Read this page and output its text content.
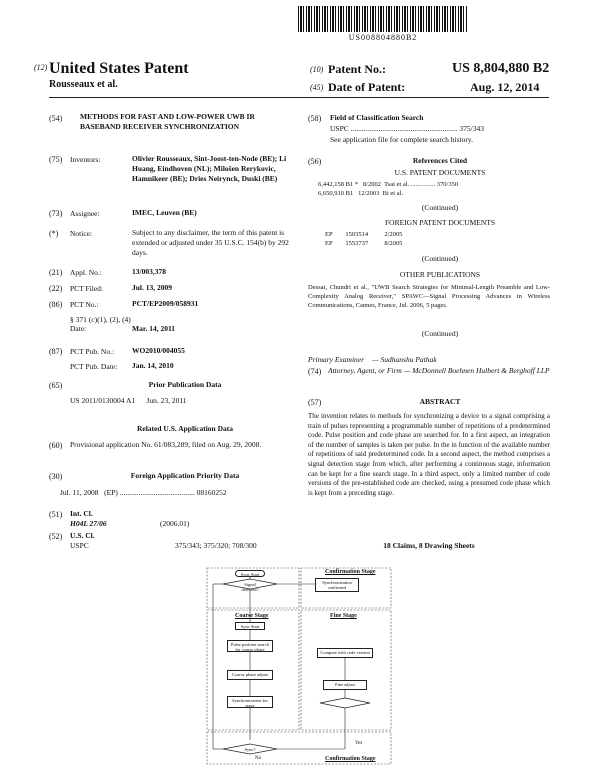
US008804880B2
(12) United States Patent
Rousseaux et al.
(10) Patent No.:	US 8,804,880 B2
(45) Date of Patent:	Aug. 12, 2014
(54) METHODS FOR FAST AND LOW-POWER UWB IR BASEBAND RECEIVER SYNCHRONIZATION
(75) Inventors:	Olivier Rousseaux, Sint-Joost-ten-Node (BE); Li Huang, Eindhoven (NL); Milošen Rerykovic, Hamnikeer (BE); Dries Neirynck, Duski (BE)
(73) Assignee:	IMEC, Leuven (BE)
(*) Notice:	Subject to any disclaimer, the term of this patent is extended or adjusted under 35 U.S.C. 154(b) by 292 days.
(21) Appl. No.:	13/003,378
(22) PCT Filed:	Jul. 13, 2009
(86) PCT No.:	PCT/EP2009/058931
§ 371 (c)(1), (2), (4) Date:	Mar. 14, 2011
(87) PCT Pub. No.: WO2010/004055
PCT Pub. Date: Jan. 14, 2010
(65)	Prior Publication Data
US 2011/0130004 A1      Jun. 23, 2011
Related U.S. Application Data
(60) Provisional application No. 61/083,289, filed on Aug. 29, 2008.
(30)	Foreign Application Priority Data
Jul. 11, 2008   (EP) ........................................ 08160252
(51) Int. Cl.
H04L 27/06	(2006.01)
(52) U.S. Cl.
USPC	375/343; 375/320; 708/300
(58) Field of Classification Search
USPC ......................................................... 375/343
See application file for complete search history.
(56)	References Cited
U.S. PATENT DOCUMENTS
6,442,158 B1 *   8/2002  Tsai et al. ............... 370/350
6,650,910 B1   12/2003  Bi et al.
(Continued)
FOREIGN PATENT DOCUMENTS
EP        1503514          2/2005
EP        1553737          8/2005
(Continued)
OTHER PUBLICATIONS
Dessai, Chundri et al., "UWB Search Strategies for Minimal-Length Preamble and Low-Complexity Analog Receiver," SPAWC—Signal Processing Advances in Wireless Communications, Cannes, France, Jul. 2006, 5 pages.
(Continued)
Primary Examiner — Sudhanshu Pathak
(74) Attorney, Agent, or Firm — McDonnell Boehnen Hulbert & Berghoff LLP
(57)	ABSTRACT
The invention relates to methods for synchronizing a device to a signal comprising a train of pulses representing a programmable number of repetitions of a predetermined code. Pulse position and code phase are searched for. In a first aspect, an integration of the number of samples is taken per pulse. In the in function of the available number of repetitions of said predetermined code. In a second aspect, the method comprises a signal detection stage from which, after performing a continuous stage, information can be kept for a fine search stage. In a third aspect, only a limited number of code versions of the pre-established code are checked, using a presumed code phase which is kept from a preceding stage.
18 Claims, 8 Drawing Sheets
Confirmation Stage
Coarse Stage	Fine Stage
Confirmation Stage
Yes
No
Sync Start
Signal detected?
Synchronization confirmed
Sync Start
Pulse position search for coarse phase
Coarse phase adjust
Compute with code version
Fine adjust
Synchronization for stage
Sync?
